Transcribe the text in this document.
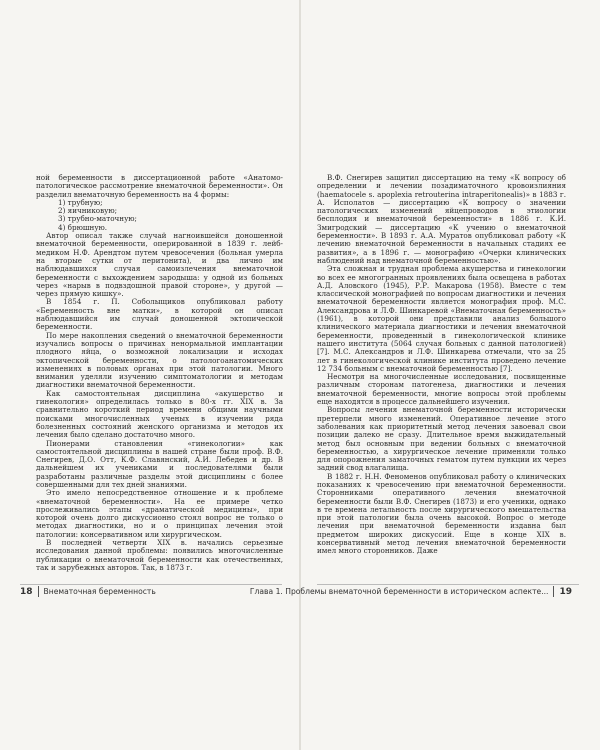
ной беременности в диссертационной работе «Анатомо-патологическое рассмотрение внематочной беременности». Он разделил внематочную беременность на 4 формы:

1) трубную;
2) яичниковую;
3) трубно-маточную;
4) брюшную.

Автор описал также случай нагноившейся доношенной внематочной беременности, оперированной в 1839 г. лейб-медиком Н.Ф. Арендтом путем чревосечения (больная умерла на вторые сутки от перитонита), и два лично им наблюдавшихся случая самоизлечения внематочной беременности с выхождением зародыша: у одной из больных через «нарыв в подвздошной правой стороне», у другой — через прямую кишку».

В 1854 г. П. Соболыщиков опубликовал работу «Беременность вне матки», в которой он описал наблюдавшийся им случай доношенной эктопической беременности.

По мере накопления сведений о внематочной беременности изучались вопросы о причинах ненормальной имплантации плодного яйца, о возможной локализации и исходах эктопической беременности, о патологоанатомических изменениях в половых органах при этой патологии. Много внимания уделяли изучению симптоматологии и методам диагностики внематочной беременности.

Как самостоятельная дисциплина «акушерство и гинекология» определилась только в 80-х гг. XIX в. За сравнительно короткий период времени общими научными поисками многочисленных ученых в изучении ряда болезненных состояний женского организма и методов их лечения было сделано достаточно много.

Пионерами становления «гинекологии» как самостоятельной дисциплины в нашей стране были проф. В.Ф. Снегирев, Д.О. Отт, К.Ф. Славянский, А.И. Лебедев и др. В дальнейшем их учениками и последователями были разработаны различные разделы этой дисциплины с более совершенными для тех дней знаниями.

Это имело непосредственное отношение и к проблеме «внематочной беременности». На ее примере четко прослеживались этапы «драматической медицины», при которой очень долго дискуссионно стоял вопрос не только о методах диагностики, но и о принципах лечения этой патологии: консервативном или хирургическом.

В последней четверти XIX в. начались серьезные исследования данной проблемы: появились многочисленные публикации о внематочной беременности как отечественных, так и зарубежных авторов. Так, в 1873 г.

18 Внематочная беременность

В.Ф. Снегирев защитил диссертацию на тему «К вопросу об определении и лечении позадиматочного кровоизлияния (haematocele s. apoplexia retrouterina intraperitonealis)» в 1883 г. А. Исполатов — диссертацию «К вопросу о значении патологических изменений яйцепроводов в этиологии бесплодия и внематочной беременности» в 1886 г. К.И. Змигродский — диссертацию «К учению о внематочной беременности». В 1893 г. А.А. Муратов опубликовал работу «К лечению внематочной беременности в начальных стадиях ее развития», а в 1896 г. — монографию «Очерки клинических наблюдений над внематочной беременностью».

Эта сложная и трудная проблема акушерства и гинекологии во всех ее многогранных проявлениях была освещена в работах А.Д. Аловского (1945), Р.Р. Макарова (1958). Вместе с тем классической монографией по вопросам диагностики и лечения внематочной беременности является монография проф. М.С. Александрова и Л.Ф. Шинкаревой «Внематочная беременность» (1961), в которой они представили анализ большого клинического материала диагностики и лечения внематочной беременности, проведенный в гинекологической клинике нашего института (5064 случая больных с данной патологией) [7]. М.С. Александров и Л.Ф. Шинкарева отмечали, что за 25 лет в гинекологической клинике института проведено лечение 12 734 больным с внематочной беременностью [7].

Несмотря на многочисленные исследования, посвященные различным сторонам патогенеза, диагностики и лечения внематочной беременности, многие вопросы этой проблемы еще находятся в процессе дальнейшего изучения.

Вопросы лечения внематочной беременности исторически претерпели много изменений. Оперативное лечение этого заболевания как приоритетный метод лечения завоевал свои позиции далеко не сразу. Длительное время выжидательный метод был основным при ведении больных с внематочной беременностью, а хирургическое лечение применяли только для опорожнения заматочных гематом путем пункции их через задний свод влагалища.

В 1882 г. Н.Н. Феноменов опубликовал работу о клинических показаниях к чревосечению при внематочной беременности. Сторонниками оперативного лечения внематочной беременности были В.Ф. Снегирев (1873) и его ученики, однако в те времена летальность после хирургического вмешательства при этой патологии была очень высокой. Вопрос о методе лечения при внематочной беременности издавна был предметом широких дискуссий. Еще в конце XIX в. консервативный метод лечения внематочной беременности имел много сторонников. Даже

Глава 1. Проблемы внематочной беременности в историческом аспекте... 19
